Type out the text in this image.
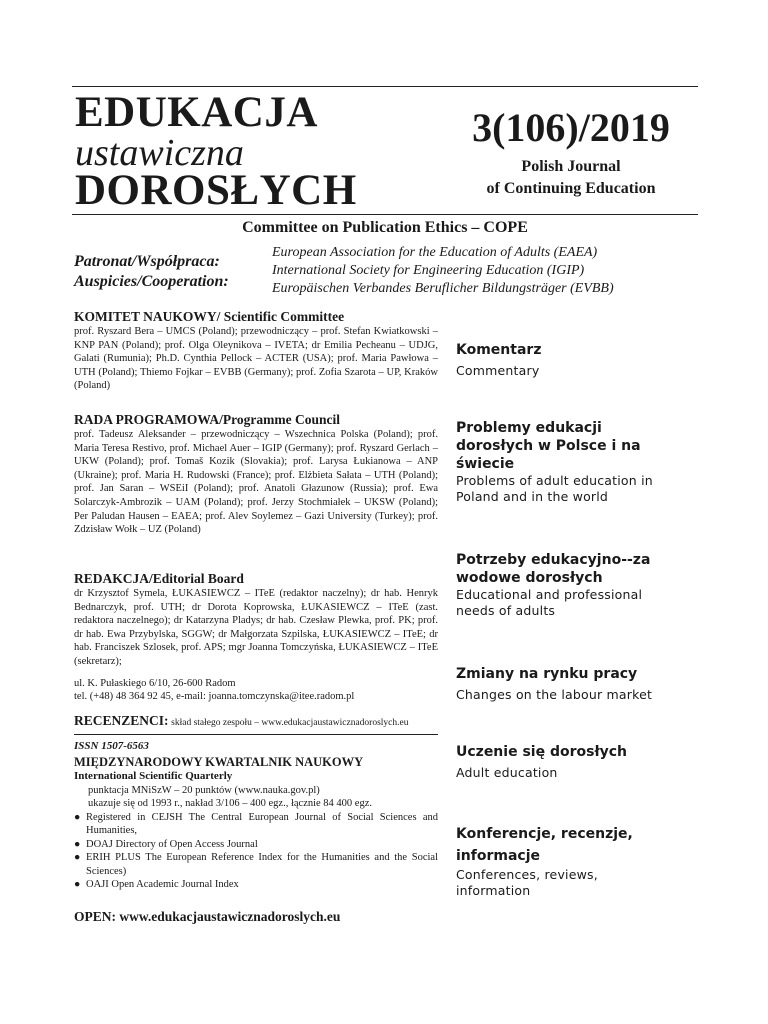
EDUKACJA
ustawiczna
DOROSŁYCH
3(106)/2019
Polish Journal
of Continuing Education
Committee on Publication Ethics – COPE
Patronat/Współpraca:
Auspicies/Cooperation:
European Association for the Education of Adults (EAEA)
International Society for Engineering Education (IGIP)
Europäischen Verbandes Beruflicher Bildungsträger (EVBB)

KOMITET NAUKOWY/ Scientific Committee

prof. Ryszard Bera – UMCS (Poland); przewodniczący – prof. Stefan Kwiatkowski – KNP PAN (Poland); prof. Olga Oleynikova – IVETA; dr Emilia Pecheanu – UDJG, Galati (Rumunia); Ph.D. Cynthia Pellock – ACTER (USA); prof. Maria Pawłowa – UTH (Poland); Thiemo Fojkar – EVBB (Germany); prof. Zofia Szarota – UP, Kraków (Poland)

RADA PROGRAMOWA/Programme Council

prof. Tadeusz Aleksander – przewodniczący – Wszechnica Polska (Poland); prof. Maria Teresa Restivo, prof. Michael Auer – IGIP (Germany); prof. Ryszard Gerlach – UKW (Poland); prof. Tomaš Kozik (Slovakia); prof. Larysa Łukianowa – ANP (Ukraine); prof. Maria H. Rudowski (France); prof. Elżbieta Sałata – UTH (Poland); prof. Jan Saran – WSEiI (Poland); prof. Anatoli Głazunow (Russia); prof. Ewa Solarczyk-Ambrozik – UAM (Poland); prof. Jerzy Stochmiałek – UKSW (Poland); Per Paludan Hausen – EAEA; prof. Alev Soylemez – Gazi University (Turkey); prof. Zdzisław Wołk – UZ (Poland)

REDAKCJA/Editorial Board

dr Krzysztof Symela, ŁUKASIEWCZ – ITeE (redaktor naczelny); dr hab. Henryk Bednarczyk, prof. UTH; dr Dorota Koprowska, ŁUKASIEWCZ – ITeE (zast. redaktora naczelnego); dr Katarzyna Pladys; dr hab. Czesław Plewka, prof. PK; prof. dr hab. Ewa Przybylska, SGGW; dr Małgorzata Szpilska, ŁUKASIEWCZ – ITeE; dr hab. Franciszek Szlosek, prof. APS; mgr Joanna Tomczyńska, ŁUKASIEWCZ – ITeE (sekretarz);

ul. K. Pułaskiego 6/10, 26-600 Radom

tel. (+48) 48 364 92 45, e-mail: joanna.tomczynska@itee.radom.pl

RECENZENCI: skład stałego zespołu – www.edukacjaustawicznadoroslych.eu
ISSN 1507-6563

MIĘDZYNARODOWY KWARTALNIK NAUKOWY

International Scientific Quarterly

punktacja MNiSzW – 20 punktów (www.nauka.gov.pl)

ukazuje się od 1993 r., nakład 3/106 – 400 egz., łącznie 84 400 egz.

● Registered in CEJSH The Central European Journal of Social Sciences and Humanities,
● DOAJ Directory of Open Access Journal
● ERIH PLUS The European Reference Index for the Humanities and the Social Sciences)
● OAJI Open Academic Journal Index
OPEN: www.edukacjaustawicznadoroslych.eu

Komentarz

Commentary

Problemy edukacji dorosłych w Polsce i na świecie

Problems of adult education in Poland and in the world

Potrzeby edukacyjno--zawodowe dorosłych

Educational and professional needs of adults

Zmiany na rynku pracy

Changes on the labour market

Uczenie się dorosłych

Adult education

Konferencje, recenzje, informacje

Conferences, reviews, information
